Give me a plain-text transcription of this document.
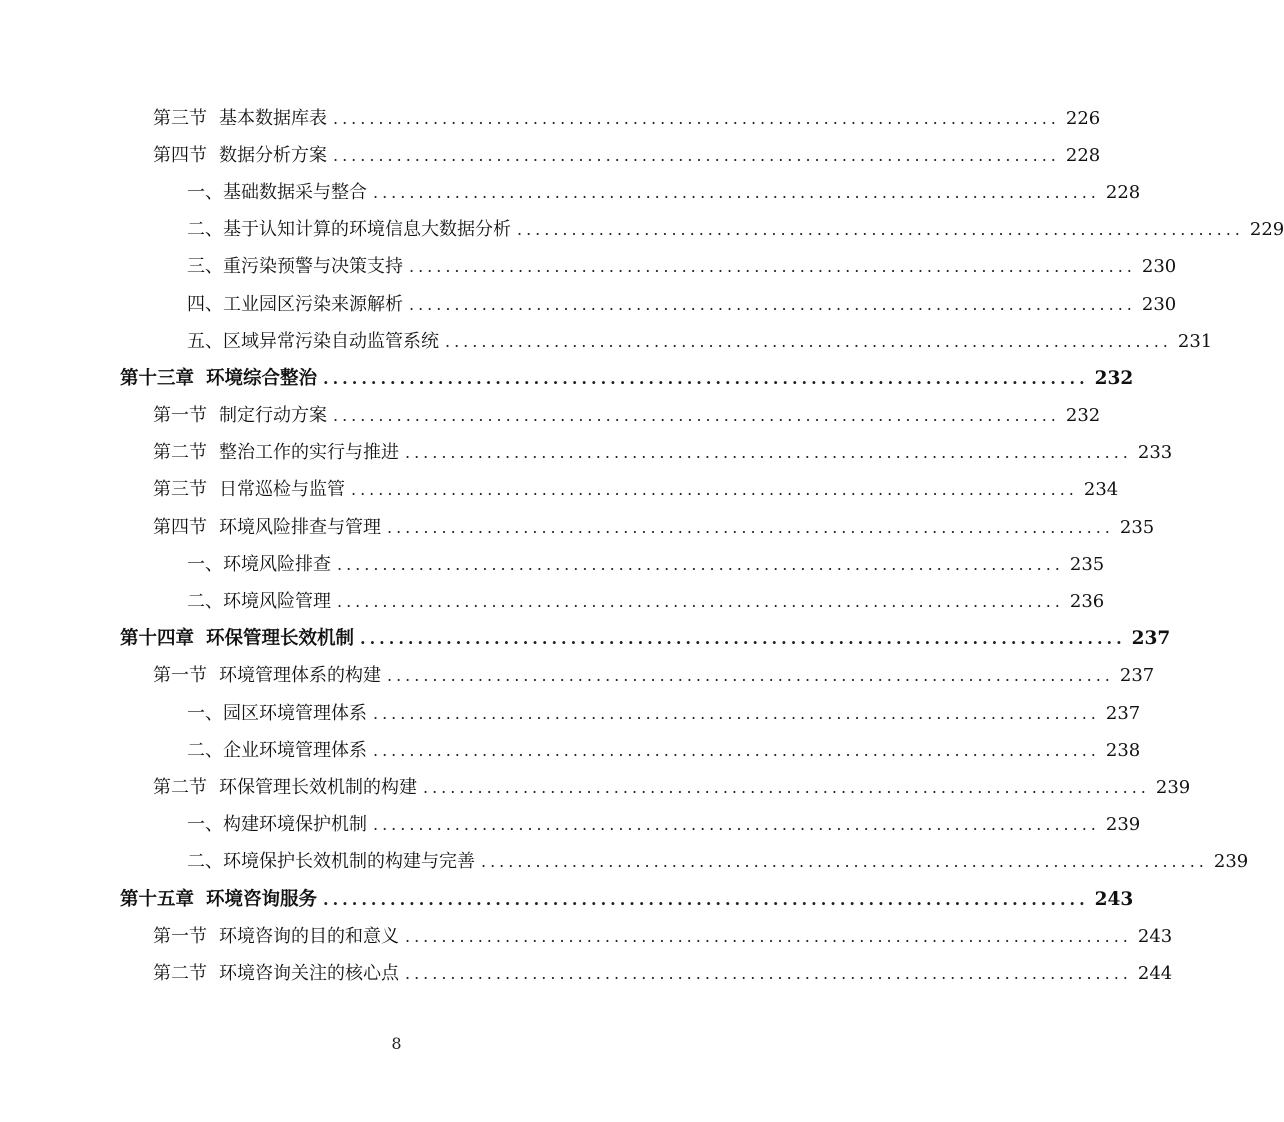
第三节 基本数据库表 ................................................................................ 226
第四节 数据分析方案 ................................................................................ 228
一、基础数据采与整合 ................................................................................ 228
二、基于认知计算的环境信息大数据分析 ................................................................................ 229
三、重污染预警与决策支持 ................................................................................ 230
四、工业园区污染来源解析 ................................................................................ 230
五、区域异常污染自动监管系统 ................................................................................ 231
第十三章 环境综合整治 ................................................................................ 232
第一节 制定行动方案 ................................................................................ 232
第二节 整治工作的实行与推进 ................................................................................ 233
第三节 日常巡检与监管 ................................................................................ 234
第四节 环境风险排查与管理 ................................................................................ 235
一、环境风险排查 ................................................................................ 235
二、环境风险管理 ................................................................................ 236
第十四章 环保管理长效机制 ................................................................................ 237
第一节 环境管理体系的构建 ................................................................................ 237
一、园区环境管理体系 ................................................................................ 237
二、企业环境管理体系 ................................................................................ 238
第二节 环保管理长效机制的构建 ................................................................................ 239
一、构建环境保护机制 ................................................................................ 239
二、环境保护长效机制的构建与完善 ................................................................................ 239
第十五章 环境咨询服务 ................................................................................ 243
第一节 环境咨询的目的和意义 ................................................................................ 243
第二节 环境咨询关注的核心点 ................................................................................ 244
8
